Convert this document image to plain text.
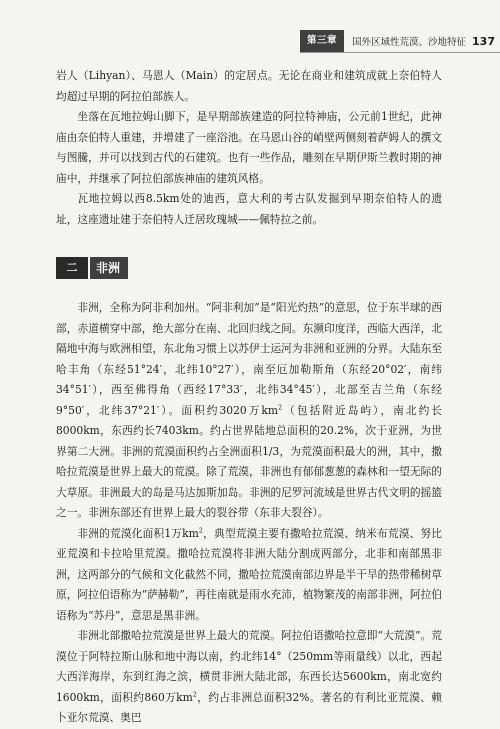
第三章	国外区域性荒漠、沙地特征 137

岩人（Lihyan）、马恩人（Main）的定居点。无论在商业和建筑成就上奈伯特人均超过早期的阿拉伯部族人。

坐落在瓦地拉姆山脚下，是早期部族建造的阿拉特神庙，公元前1世纪，此神庙由奈伯特人重建，并增建了一座浴池。在马恩山谷的峭壁两侧刻着萨姆人的撰文与图騰，并可以找到古代的石建筑。也有一些作品，雕刻在早期伊斯兰教时期的神庙中，并继承了阿拉伯部族神庙的建筑风格。

瓦地拉姆以西8.5km处的迪西，意大利的考古队发掘到早期奈伯特人的遗址，这座遗址建于奈伯特人迁居玫瑰城——佩特拉之前。

二	非洲

非洲，全称为阿非利加州。“阿非利加”是“阳光灼热”的意思，位于东半球的西部，赤道横穿中部，绝大部分在南、北回归线之间。东濒印度洋，西临大西洋，北隔地中海与欧洲相望，东北角习惯上以苏伊士运河为非洲和亚洲的分界。大陆东至哈丰角（东经51°24′，北纬10°27′），南至厄加勒斯角（东经20°02′，南纬34°51′），西至佛得角（西经17°33′，北纬34°45′），北部至吉兰角（东经9°50′，北纬37°21′）。面积约3020万$km^2$（包括附近岛屿），南北约长8000km，东西约长7403km。约占世界陆地总面积的20.2%，次于亚洲，为世界第二大洲。非洲的荒漠面积约占全洲面积1/3，为荒漠面积最大的洲，其中，撒哈拉荒漠是世界上最大的荒漠。除了荒漠，非洲也有郁郁葱葱的森林和一望无际的大草原。非洲最大的岛是马达加斯加岛。非洲的尼罗河流域是世界古代文明的摇篮之一。非洲东部还有世界上最大的裂谷带（东非大裂谷）。

非洲的荒漠化面积1万$km^2$，典型荒漠主要有撒哈拉荒漠、纳米布荒漠、努比亚荒漠和卡拉哈里荒漠。撒哈拉荒漠将非洲大陆分割成两部分，北非和南部黑非洲，这两部分的气候和文化截然不同，撒哈拉荒漠南部边界是半干旱的热带稀树草原，阿拉伯语称为“萨赫勒”，再往南就是雨水充沛，植物繁茂的南部非洲，阿拉伯语称为“苏丹”，意思是黑非洲。

非洲北部撒哈拉荒漠是世界上最大的荒漠。阿拉伯语撒哈拉意即“大荒漠”。荒漠位于阿特拉斯山脉和地中海以南，约北纬14°（250mm等雨量线）以北，西起大西洋海岸，东到红海之滨，横贯非洲大陆北部，东西长达5600km，南北宽约1600km，面积约860万$km^2$，约占非洲总面积32%。著名的有利比亚荒漠、赖卜亚尔荒漠、奥巴
